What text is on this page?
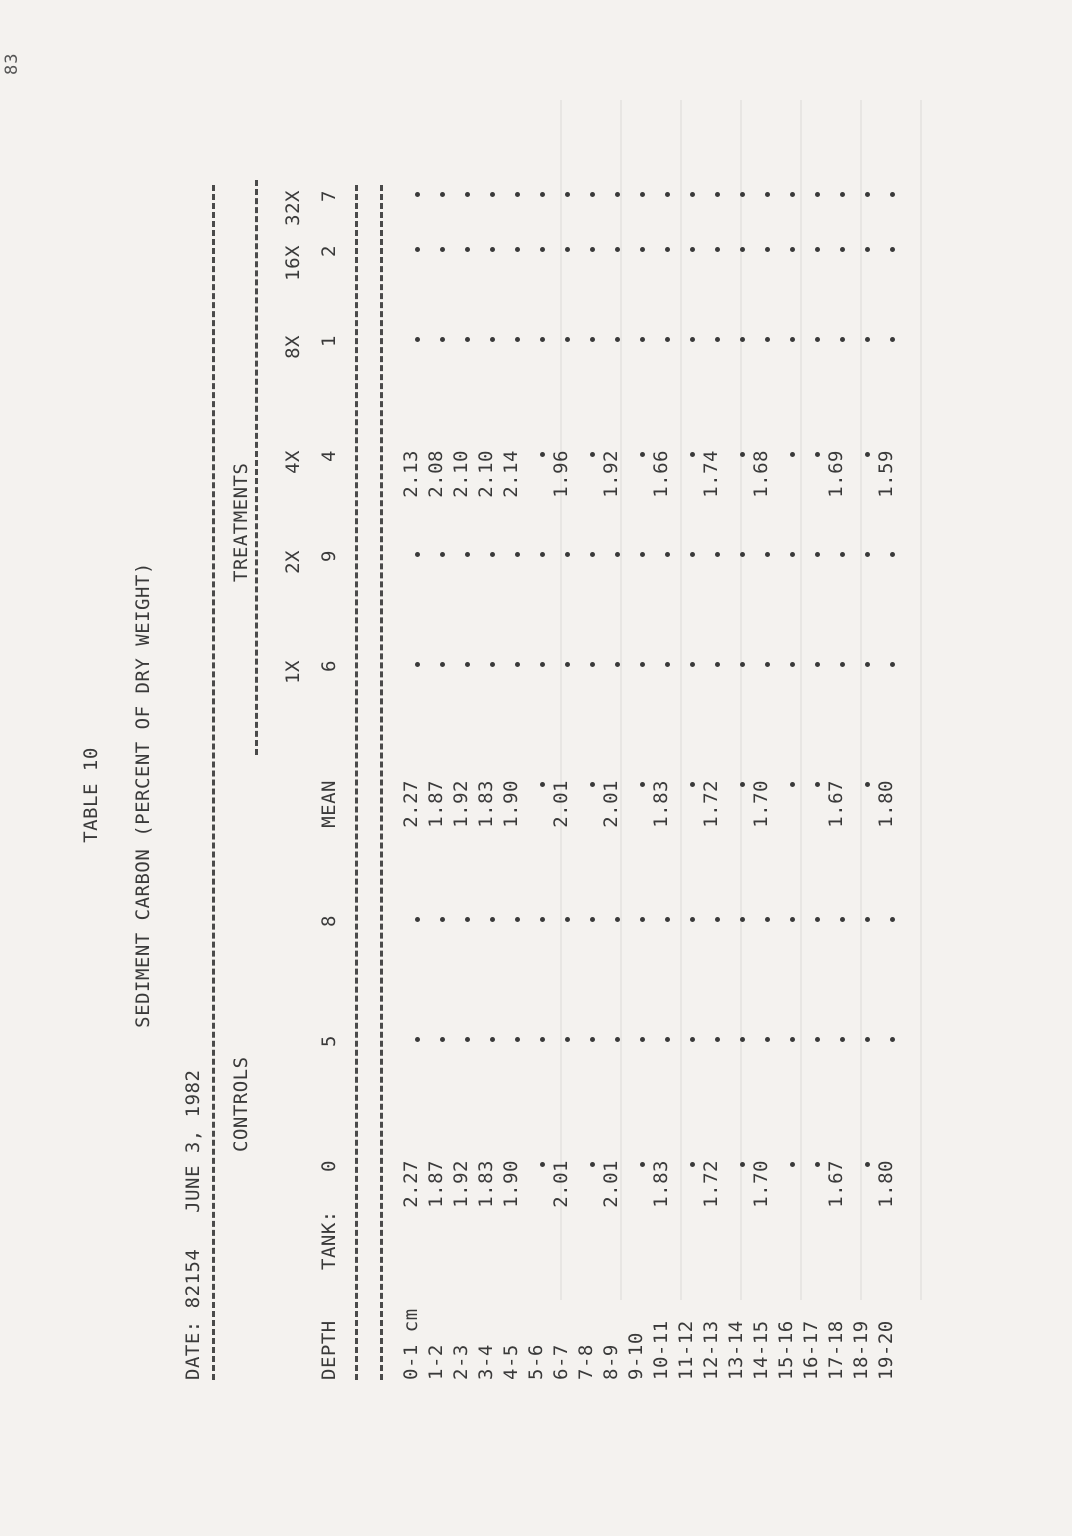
83
TABLE 10 SEDIMENT CARBON (PERCENT OF DRY WEIGHT)
DATE: 82154   JUNE 3, 1982 CONTROLS
TREATMENTS
DEPTH
TANK:
0
5
8
MEAN
1X 6
2X 9
4X 4
8X 1
16X 2
32X 7
0-1 cm
2.27
2.27
2.13
1-2
1.87
1.87
2.08
2-3
1.92
1.92
2.10
3-4
1.83
1.83
2.10
4-5
1.90
1.90
2.14
5-6 6-7
2.01
2.01
1.96
7-8 8-9
2.01
2.01
1.92
9-10 10-11
1.83
1.83
1.66
11-12 12-13
1.72
1.72
1.74
13-14 14-15
1.70
1.70
1.68
15-16 16-17 17-18
1.67
1.67
1.69
18-19 19-20
1.80
1.80
1.59
